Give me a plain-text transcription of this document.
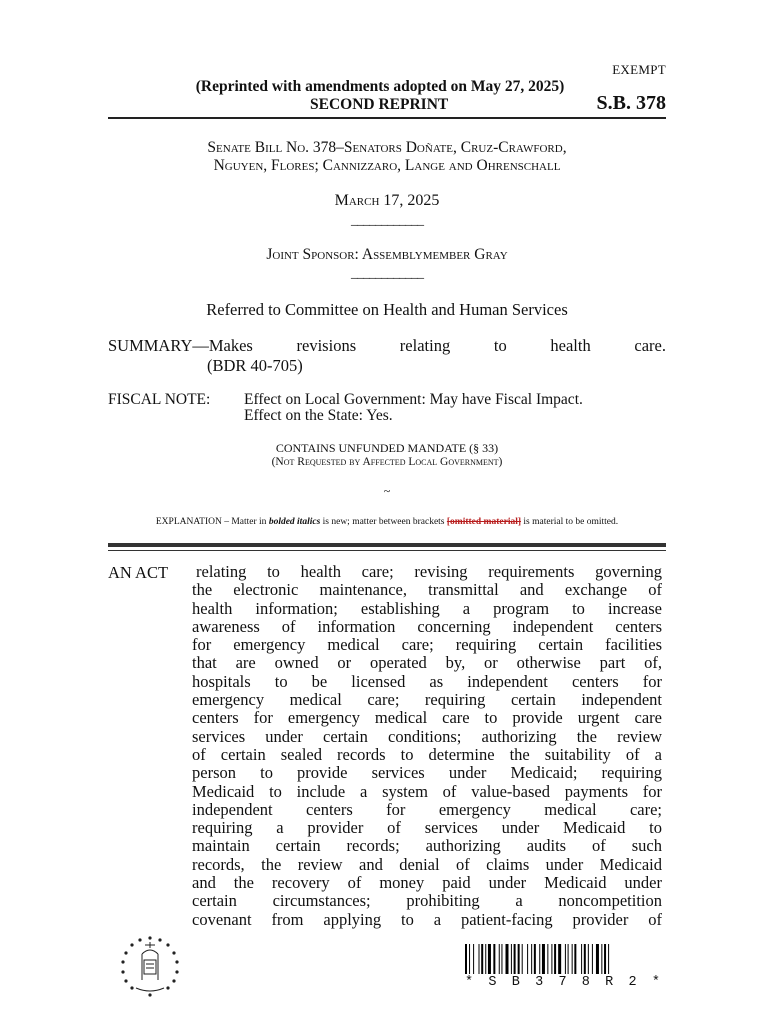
EXEMPT
(Reprinted with amendments adopted on May 27, 2025)
SECOND REPRINT	S.B. 378
Senate Bill No. 378–Senators Doñate, Cruz-Crawford,
Nguyen, Flores; Cannizzaro, Lange and Ohrenschall
March 17, 2025
____________
Joint Sponsor: Assemblymember Gray
____________
Referred to Committee on Health and Human Services
SUMMARY—Makes	revisions	relating	to	health	care.
(BDR 40-705)
FISCAL NOTE: Effect on Local Government: May have Fiscal Impact.
Effect on the State: Yes.
CONTAINS UNFUNDED MANDATE (§ 33)
(Not Requested by Affected Local Government)
~
EXPLANATION – Matter in bolded italics is new; matter between brackets [omitted material] is material to be omitted.
AN ACT relating to health care; revising requirements governing
the electronic maintenance, transmittal and exchange of
health information; establishing a program to increase
awareness of information concerning independent centers
for emergency medical care; requiring certain facilities
that are owned or operated by, or otherwise part of,
hospitals to be licensed as independent centers for
emergency medical care; requiring certain independent
centers for emergency medical care to provide urgent care
services under certain conditions; authorizing the review
of certain sealed records to determine the suitability of a
person to provide services under Medicaid; requiring
Medicaid to include a system of value-based payments for
independent centers for emergency medical care;
requiring a provider of services under Medicaid to
maintain certain records; authorizing audits of such
records, the review and denial of claims under Medicaid
and the recovery of money paid under Medicaid under
certain circumstances; prohibiting a noncompetition
covenant from applying to a patient-facing provider of
* S B 3 7 8 R 2 *
